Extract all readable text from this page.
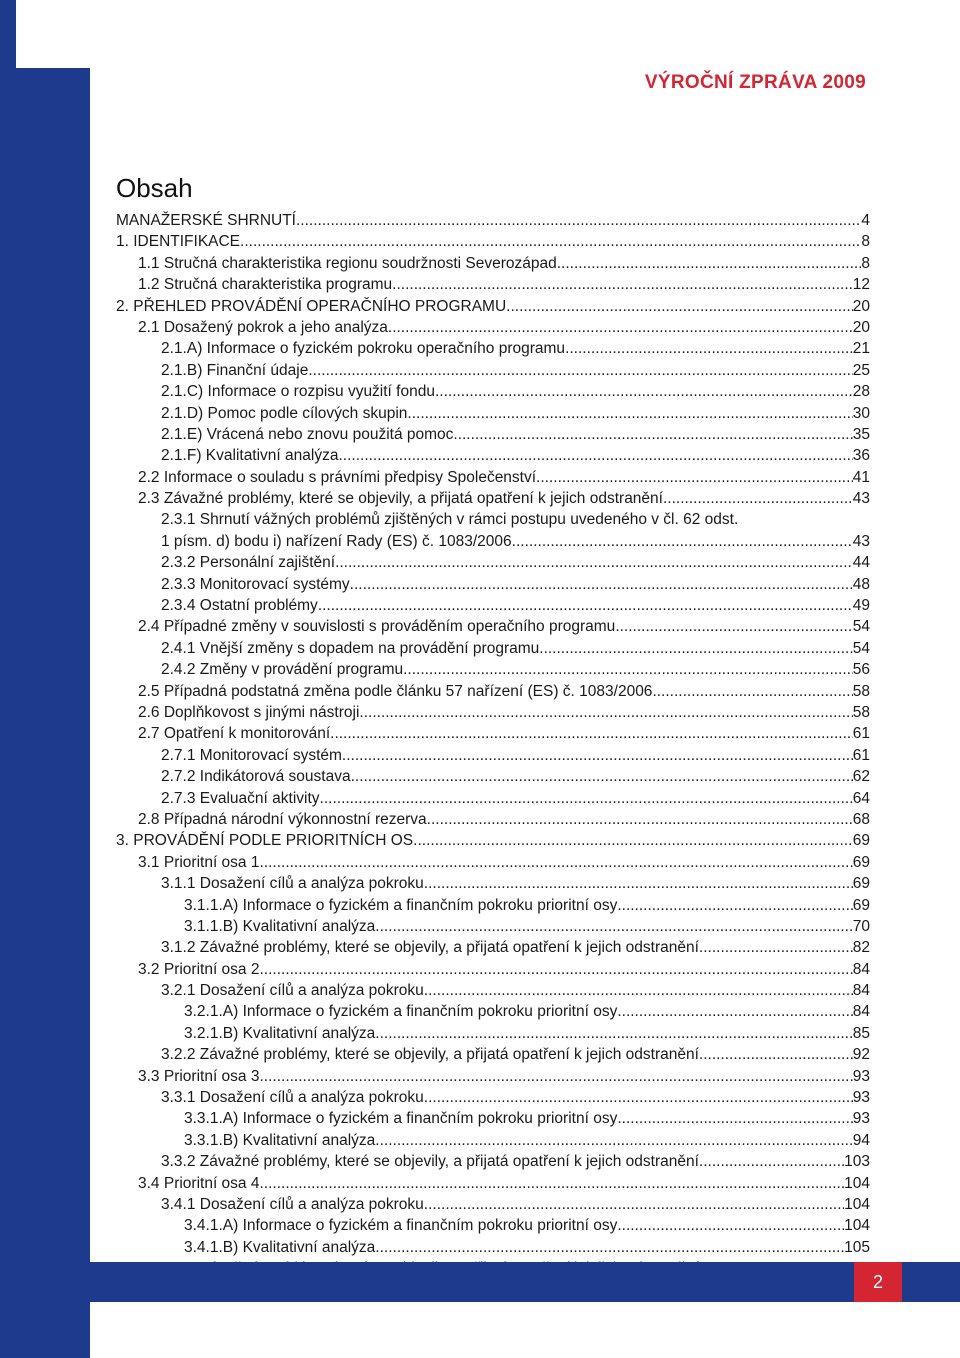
VÝROČNÍ ZPRÁVA 2009
Obsah
MANAŽERSKÉ SHRNUTÍ .....	4
1. IDENTIFIKACE. .....	8
1.1 Stručná charakteristika regionu soudržnosti Severozápad .....	8
1.2 Stručná charakteristika programu .....	12
2. PŘEHLED PROVÁDĚNÍ OPERAČNÍHO PROGRAMU .....	20
2.1 Dosažený pokrok a jeho analýza .....	20
2.1.A) Informace o fyzickém pokroku operačního programu .....	21
2.1.B) Finanční údaje .....	25
2.1.C) Informace o rozpisu využití fondu .....	28
2.1.D) Pomoc podle cílových skupin .....	30
2.1.E) Vrácená nebo znovu použitá pomoc .....	35
2.1.F) Kvalitativní analýza .....	36
2.2 Informace o souladu s právními předpisy Společenství .....	41
2.3 Závažné problémy, které se objevily, a přijatá opatření k jejich odstranění .....	43
2.3.1 Shrnutí vážných problémů zjištěných v rámci postupu uvedeného v čl. 62 odst.
1 písm. d) bodu i) nařízení Rady (ES) č. 1083/2006 .....	43
2.3.2 Personální zajištění .....	44
2.3.3 Monitorovací systémy .....	48
2.3.4 Ostatní problémy .....	49
2.4 Případné změny v souvislosti s prováděním operačního programu .....	54
2.4.1 Vnější změny s dopadem na provádění programu .....	54
2.4.2 Změny v provádění programu .....	56
2.5 Případná podstatná změna podle článku 57 nařízení (ES) č. 1083/2006 .....	58
2.6 Doplňkovost s jinými nástroji .....	58
2.7 Opatření k monitorování .....	61
2.7.1 Monitorovací systém .....	61
2.7.2 Indikátorová soustava .....	62
2.7.3 Evaluační aktivity .....	64
2.8 Případná národní výkonnostní rezerva .....	68
3. PROVÁDĚNÍ PODLE PRIORITNÍCH OS .....	69
3.1 Prioritní osa 1 .....	69
3.1.1 Dosažení cílů a analýza pokroku .....	69
3.1.1.A) Informace o fyzickém a finančním pokroku prioritní osy .....	69
3.1.1.B) Kvalitativní analýza .....	70
3.1.2 Závažné problémy, které se objevily, a přijatá opatření k jejich odstranění .....	82
3.2 Prioritní osa 2 .....	84
3.2.1 Dosažení cílů a analýza pokroku .....	84
3.2.1.A) Informace o fyzickém a finančním pokroku prioritní osy .....	84
3.2.1.B) Kvalitativní analýza .....	85
3.2.2 Závažné problémy, které se objevily, a přijatá opatření k jejich odstranění .....	92
3.3 Prioritní osa 3 .....	93
3.3.1 Dosažení cílů a analýza pokroku .....	93
3.3.1.A) Informace o fyzickém a finančním pokroku prioritní osy .....	93
3.3.1.B) Kvalitativní analýza .....	94
3.3.2 Závažné problémy, které se objevily, a přijatá opatření k jejich odstranění .....	103
3.4 Prioritní osa 4 .....	104
3.4.1 Dosažení cílů a analýza pokroku .....	104
3.4.1.A) Informace o fyzickém a finančním pokroku prioritní osy .....	104
3.4.1.B) Kvalitativní analýza .....	105
.....
2
